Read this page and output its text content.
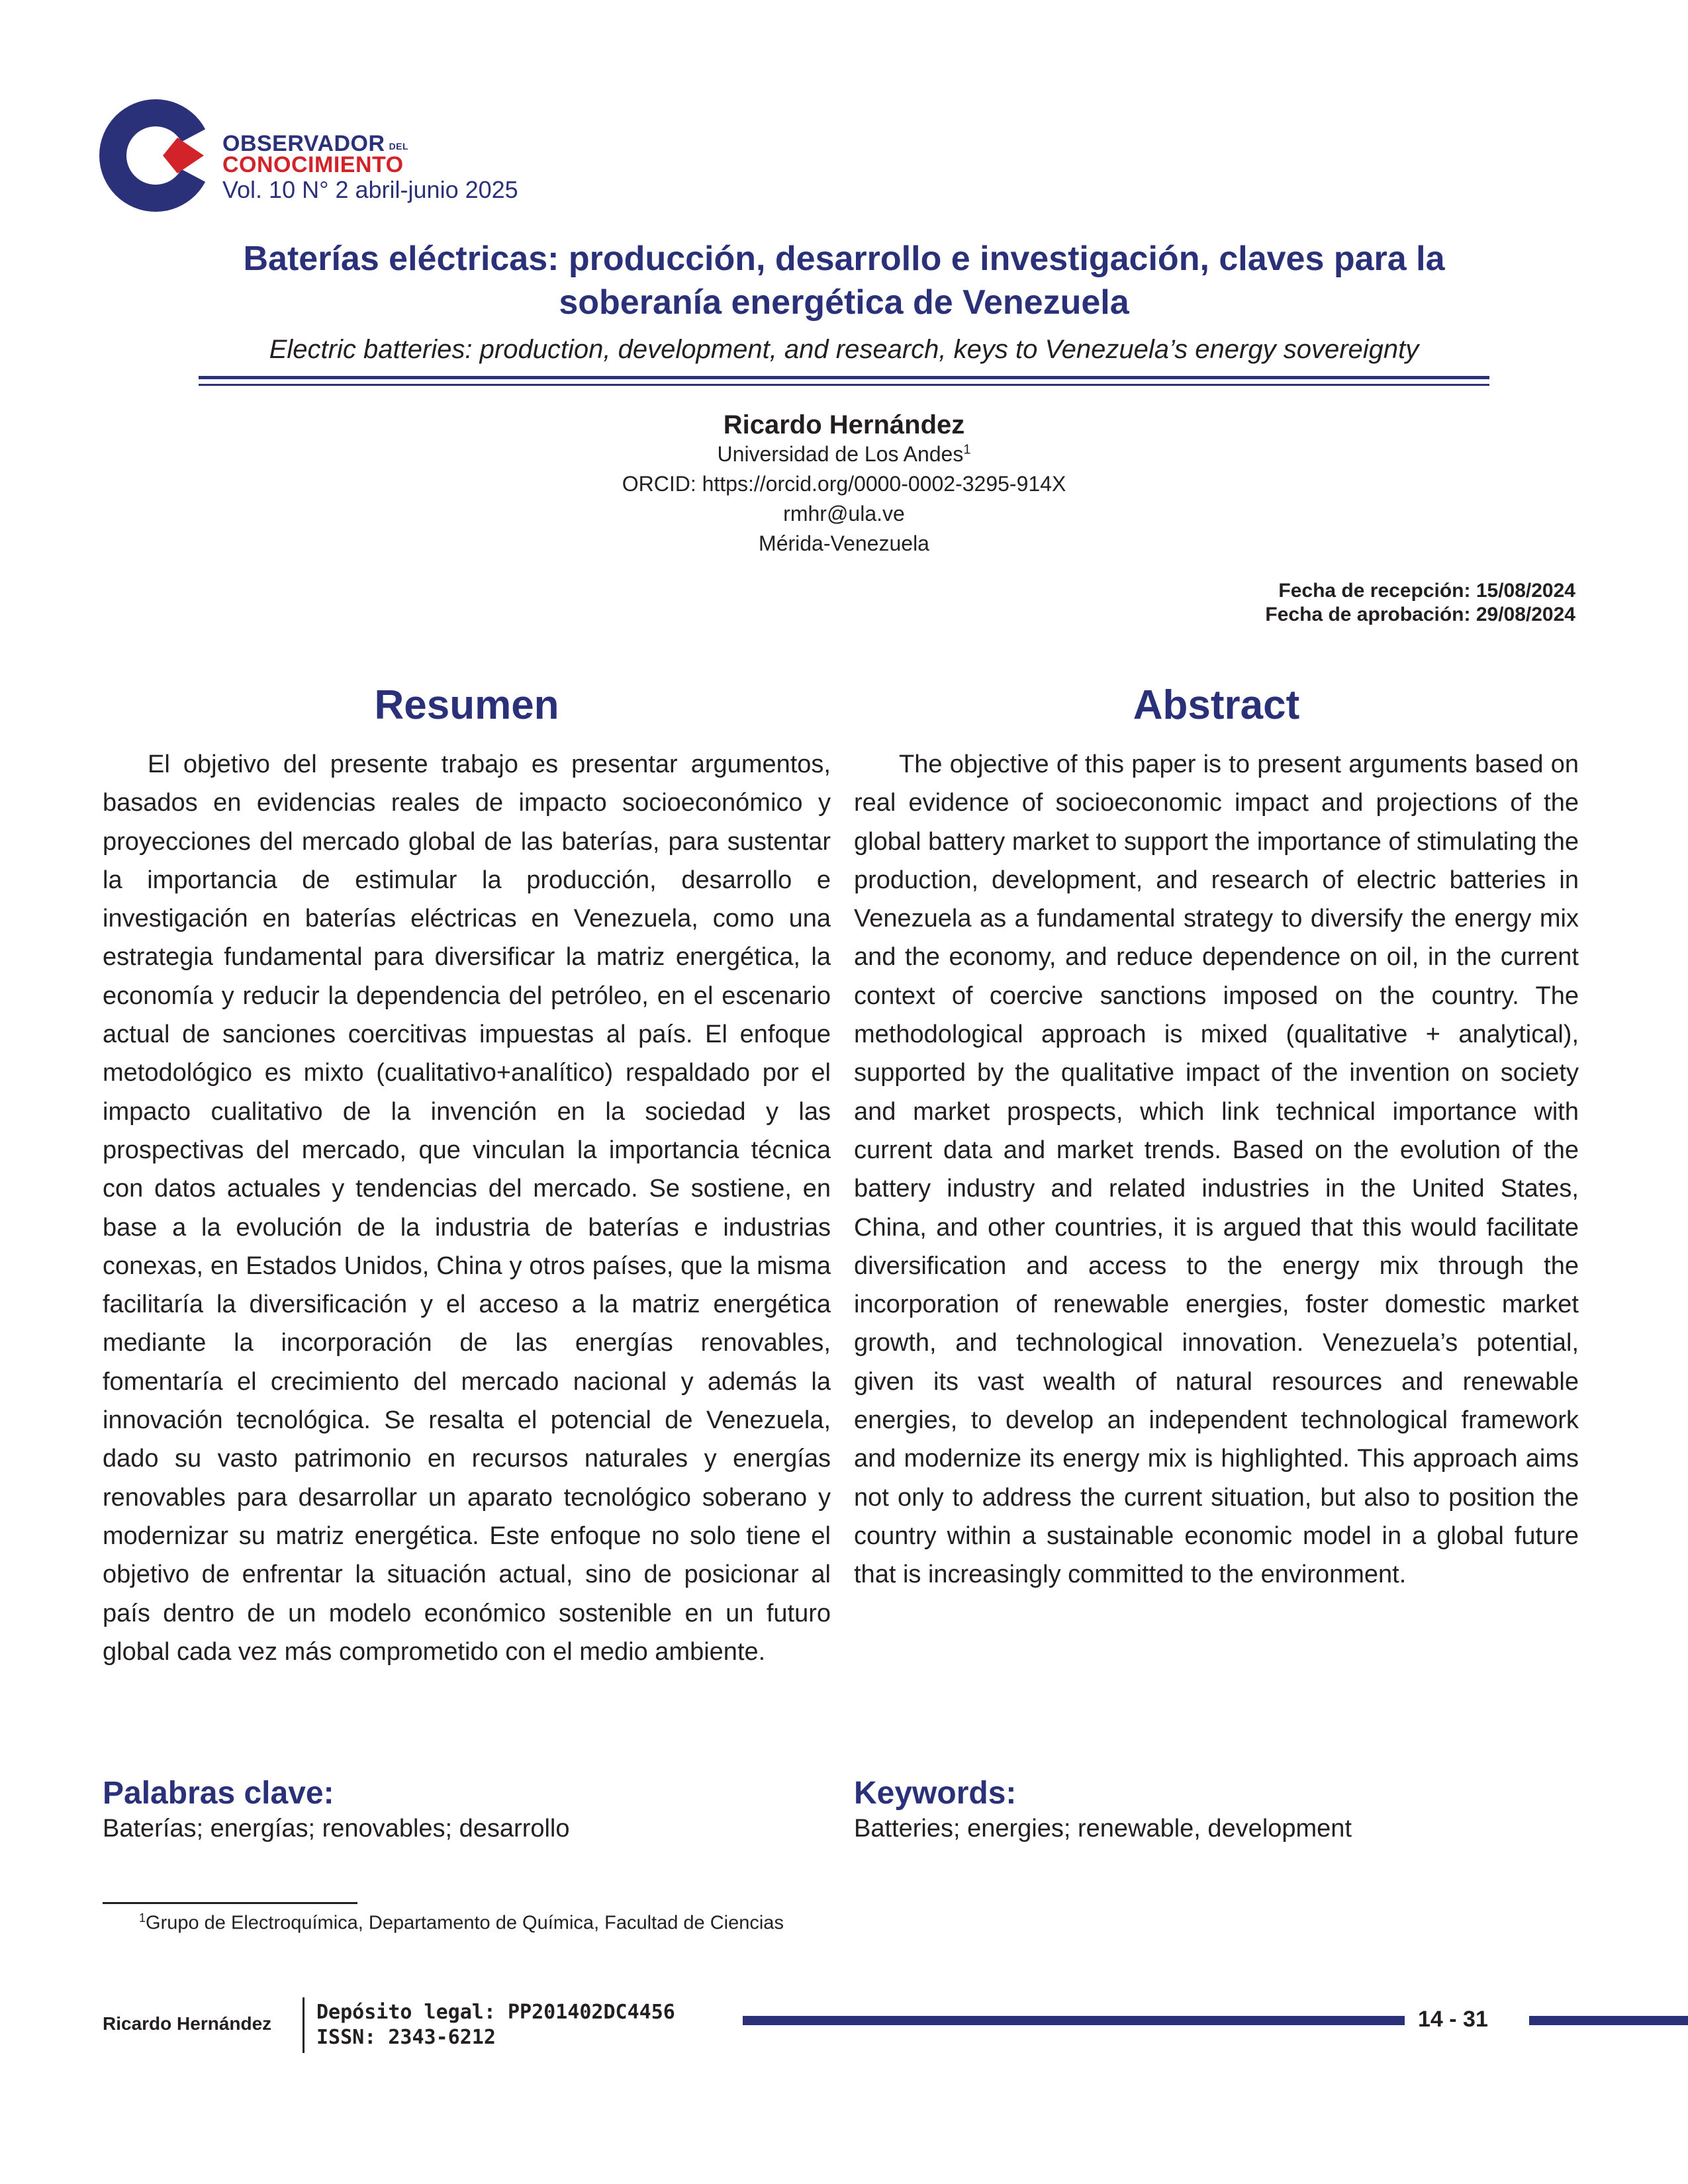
OBSERVADOR DEL
CONOCIMIENTO
Vol. 10 N° 2 abril-junio 2025
Baterías eléctricas: producción, desarrollo e investigación, claves para la
soberanía energética de Venezuela
Electric batteries: production, development, and research, keys to Venezuela’s energy sovereignty
Ricardo Hernández
Universidad de Los Andes$^1$
ORCID: https://orcid.org/0000-0002-3295-914X
rmhr@ula.ve
Mérida-Venezuela
Fecha de recepción: 15/08/2024
Fecha de aprobación: 29/08/2024
Resumen	Abstract
El objetivo del presente trabajo es presentar argumentos, basados en evidencias reales de impacto socioeconómico y proyecciones del mercado global de las baterías, para sustentar la importancia de estimular la producción, desarrollo e investigación en baterías eléctricas en Venezuela, como una estrategia fundamental para diversificar la matriz energética, la economía y reducir la dependencia del petróleo, en el escenario actual de sanciones coercitivas impuestas al país. El enfoque metodológico es mixto (cualitativo+analítico) respaldado por el impacto cualitativo de la invención en la sociedad y las prospectivas del mercado, que vinculan la importancia técnica con datos actuales y tendencias del mercado. Se sostiene, en base a la evolución de la industria de baterías e industrias conexas, en Estados Unidos, China y otros países, que la misma facilitaría la diversificación y el acceso a la matriz energética mediante la incorporación de las energías renovables, fomentaría el crecimiento del mercado nacional y además la innovación tecnológica. Se resalta el potencial de Venezuela, dado su vasto patrimonio en recursos naturales y energías renovables para desarrollar un aparato tecnológico soberano y modernizar su matriz energética. Este enfoque no solo tiene el objetivo de enfrentar la situación actual, sino de posicionar al país dentro de un modelo económico sostenible en un futuro global cada vez más comprometido con el medio ambiente.
The objective of this paper is to present arguments based on real evidence of socioeconomic impact and projections of the global battery market to support the importance of stimulating the production, development, and research of electric batteries in Venezuela as a fundamental strategy to diversify the energy mix and the economy, and reduce dependence on oil, in the current context of coercive sanctions imposed on the country. The methodological approach is mixed (qualitative + analytical), supported by the qualitative impact of the invention on society and market prospects, which link technical importance with current data and market trends. Based on the evolution of the battery industry and related industries in the United States, China, and other countries, it is argued that this would facilitate diversification and access to the energy mix through the incorporation of renewable energies, foster domestic market growth, and technological innovation. Venezuela’s potential, given its vast wealth of natural resources and renewable energies, to develop an independent technological framework and modernize its energy mix is highlighted. This approach aims not only to address the current situation, but also to position the country within a sustainable economic model in a global future that is increasingly committed to the environment.
Palabras clave:
Baterías; energías; renovables; desarrollo
Keywords:
Batteries; energies; renewable, development
$^1$Grupo de Electroquímica, Departamento de Química, Facultad de Ciencias
Ricardo Hernández Depósito legal: PP201402DC4456
ISSN: 2343-6212
14 - 31
